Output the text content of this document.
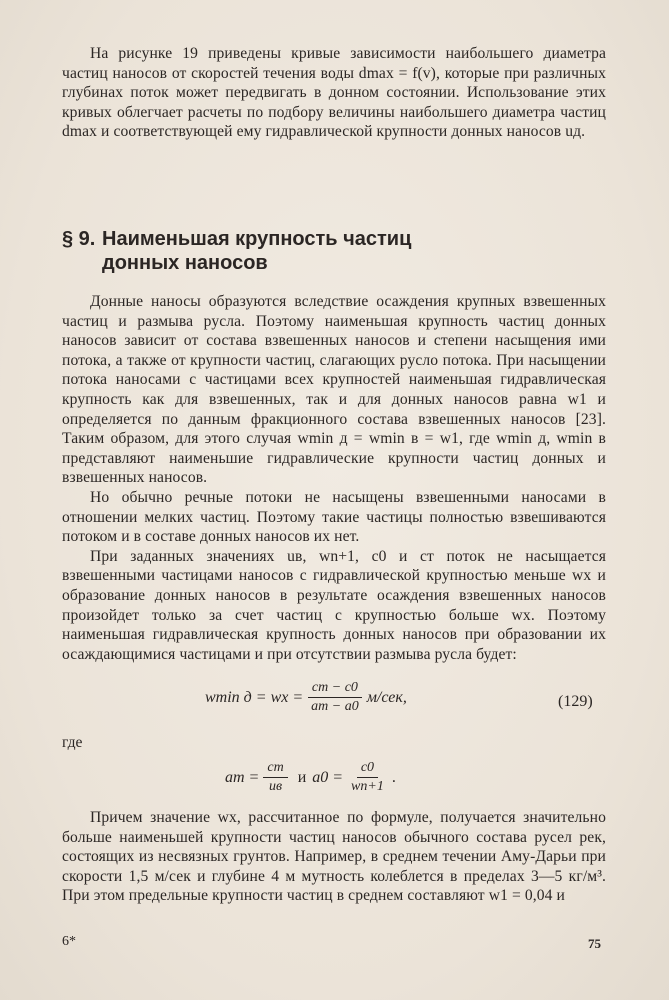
На рисунке 19 приведены кривые зависимости наибольшего диаметра частиц наносов от скоростей течения воды dmax = f(v), которые при различных глубинах поток может передвигать в донном состоянии. Использование этих кривых облегчает расчеты по подбору величины наибольшего диаметра частиц dmax и соответствующей ему гидравлической крупности донных наносов uд.

§ 9. Наименьшая крупность частиц
донных наносов

Донные наносы образуются вследствие осаждения крупных взвешенных частиц и размыва русла. Поэтому наименьшая крупность частиц донных наносов зависит от состава взвешенных наносов и степени насыщения ими потока, а также от крупности частиц, слагающих русло потока. При насыщении потока наносами с частицами всех крупностей наименьшая гидравлическая крупность как для взвешенных, так и для донных наносов равна w1 и определяется по данным фракционного состава взвешенных наносов [23]. Таким образом, для этого случая wmin д = wmin в = w1, где wmin д, wmin в представляют наименьшие гидравлические крупности частиц донных и взвешенных наносов.

Но обычно речные потоки не насыщены взвешенными наносами в отношении мелких частиц. Поэтому такие частицы полностью взвешиваются потоком и в составе донных наносов их нет.

При заданных значениях uв, wn+1, c0 и cт поток не насыщается взвешенными частицами наносов с гидравлической крупностью меньше wx и образование донных наносов в результате осаждения взвешенных наносов произойдет только за счет частиц с крупностью больше wx. Поэтому наименьшая гидравлическая крупность донных наносов при образовании их осаждающимися частицами и при отсутствии размыва русла будет:

wmin д = wx = $\frac{cт - c0}{aт - a0} м/сек$,	(129)
где
aт = $\frac{cт}{uв}$ и $a0 = \frac{c0}{wn+1}$ .

Причем значение wx, рассчитанное по формуле, получается значительно больше наименьшей крупности частиц наносов обычного состава русел рек, состоящих из несвязных грунтов. Например, в среднем течении Аму-Дарьи при скорости 1,5 м/сек и глубине 4 м мутность колеблется в пределах 3—5 кг/м³. При этом предельные крупности частиц в среднем составляют w1 = 0,04 и

6*	75
